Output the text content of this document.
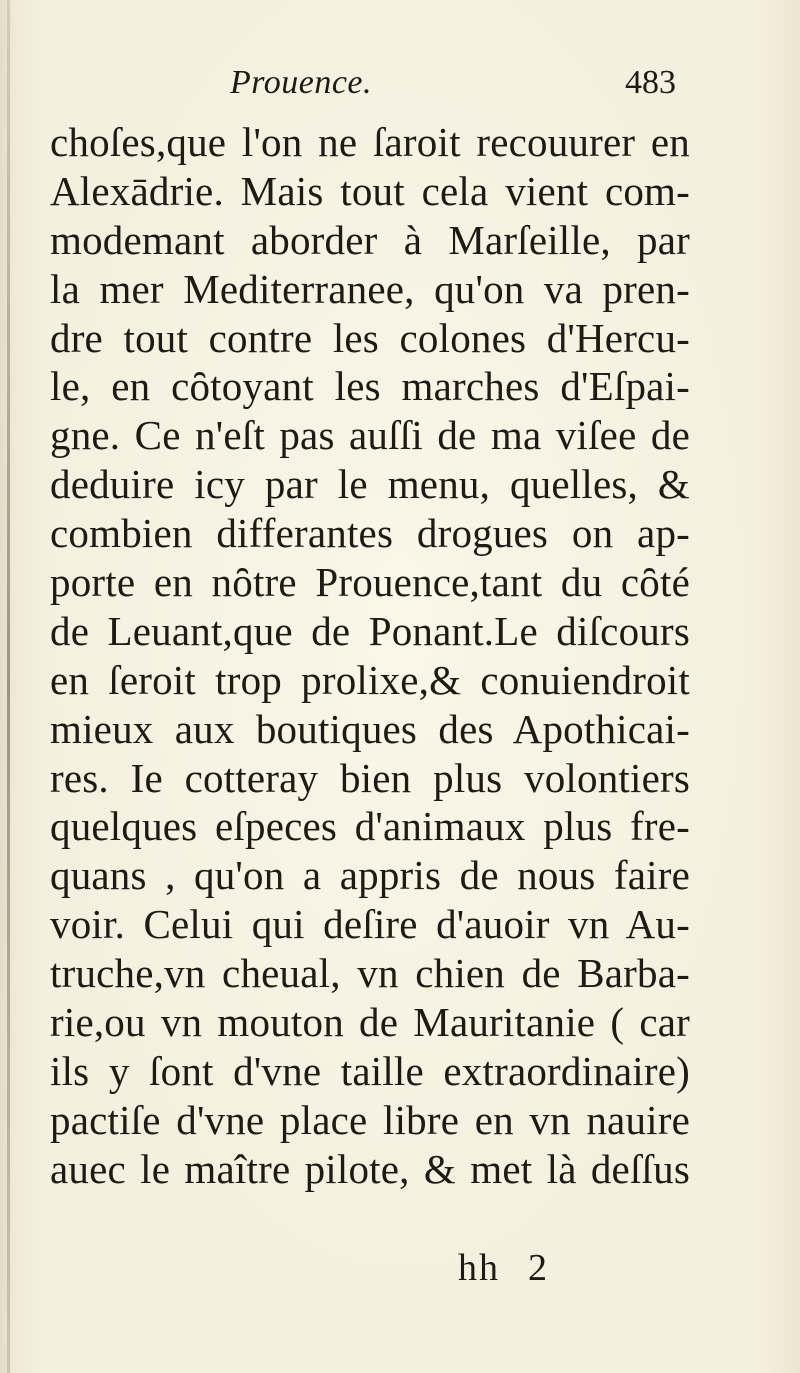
Prouence.	483
choſes,que l'on ne ſaroit recouurer en
Alexādrie. Mais tout cela vient com-
modemant aborder à Marſeille, par
la mer Mediterranee, qu'on va pren-
dre tout contre les colones d'Hercu-
le, en cȏtoyant les marches d'Eſpai-
gne. Ce n'eſt pas auſſi de ma viſee de
deduire icy par le menu, quelles, &
combien differantes drogues on ap-
porte en nȏtre Prouence,tant du cȏté
de Leuant,que de Ponant.Le diſcours
en ſeroit trop prolixe,& conuiendroit
mieux aux boutiques des Apothicai-
res. Ie cotteray bien plus volontiers
quelques eſpeces d'animaux plus fre-
quans , qu'on a appris de nous faire
voir. Celui qui deſire d'auoir vn Au-
truche,vn cheual, vn chien de Barba-
rie,ou vn mouton de Mauritanie ( car
ils y ſont d'vne taille extraordinaire)
pactiſe d'vne place libre en vn nauire
auec le maître pilote, & met là deſſus
hh 2
